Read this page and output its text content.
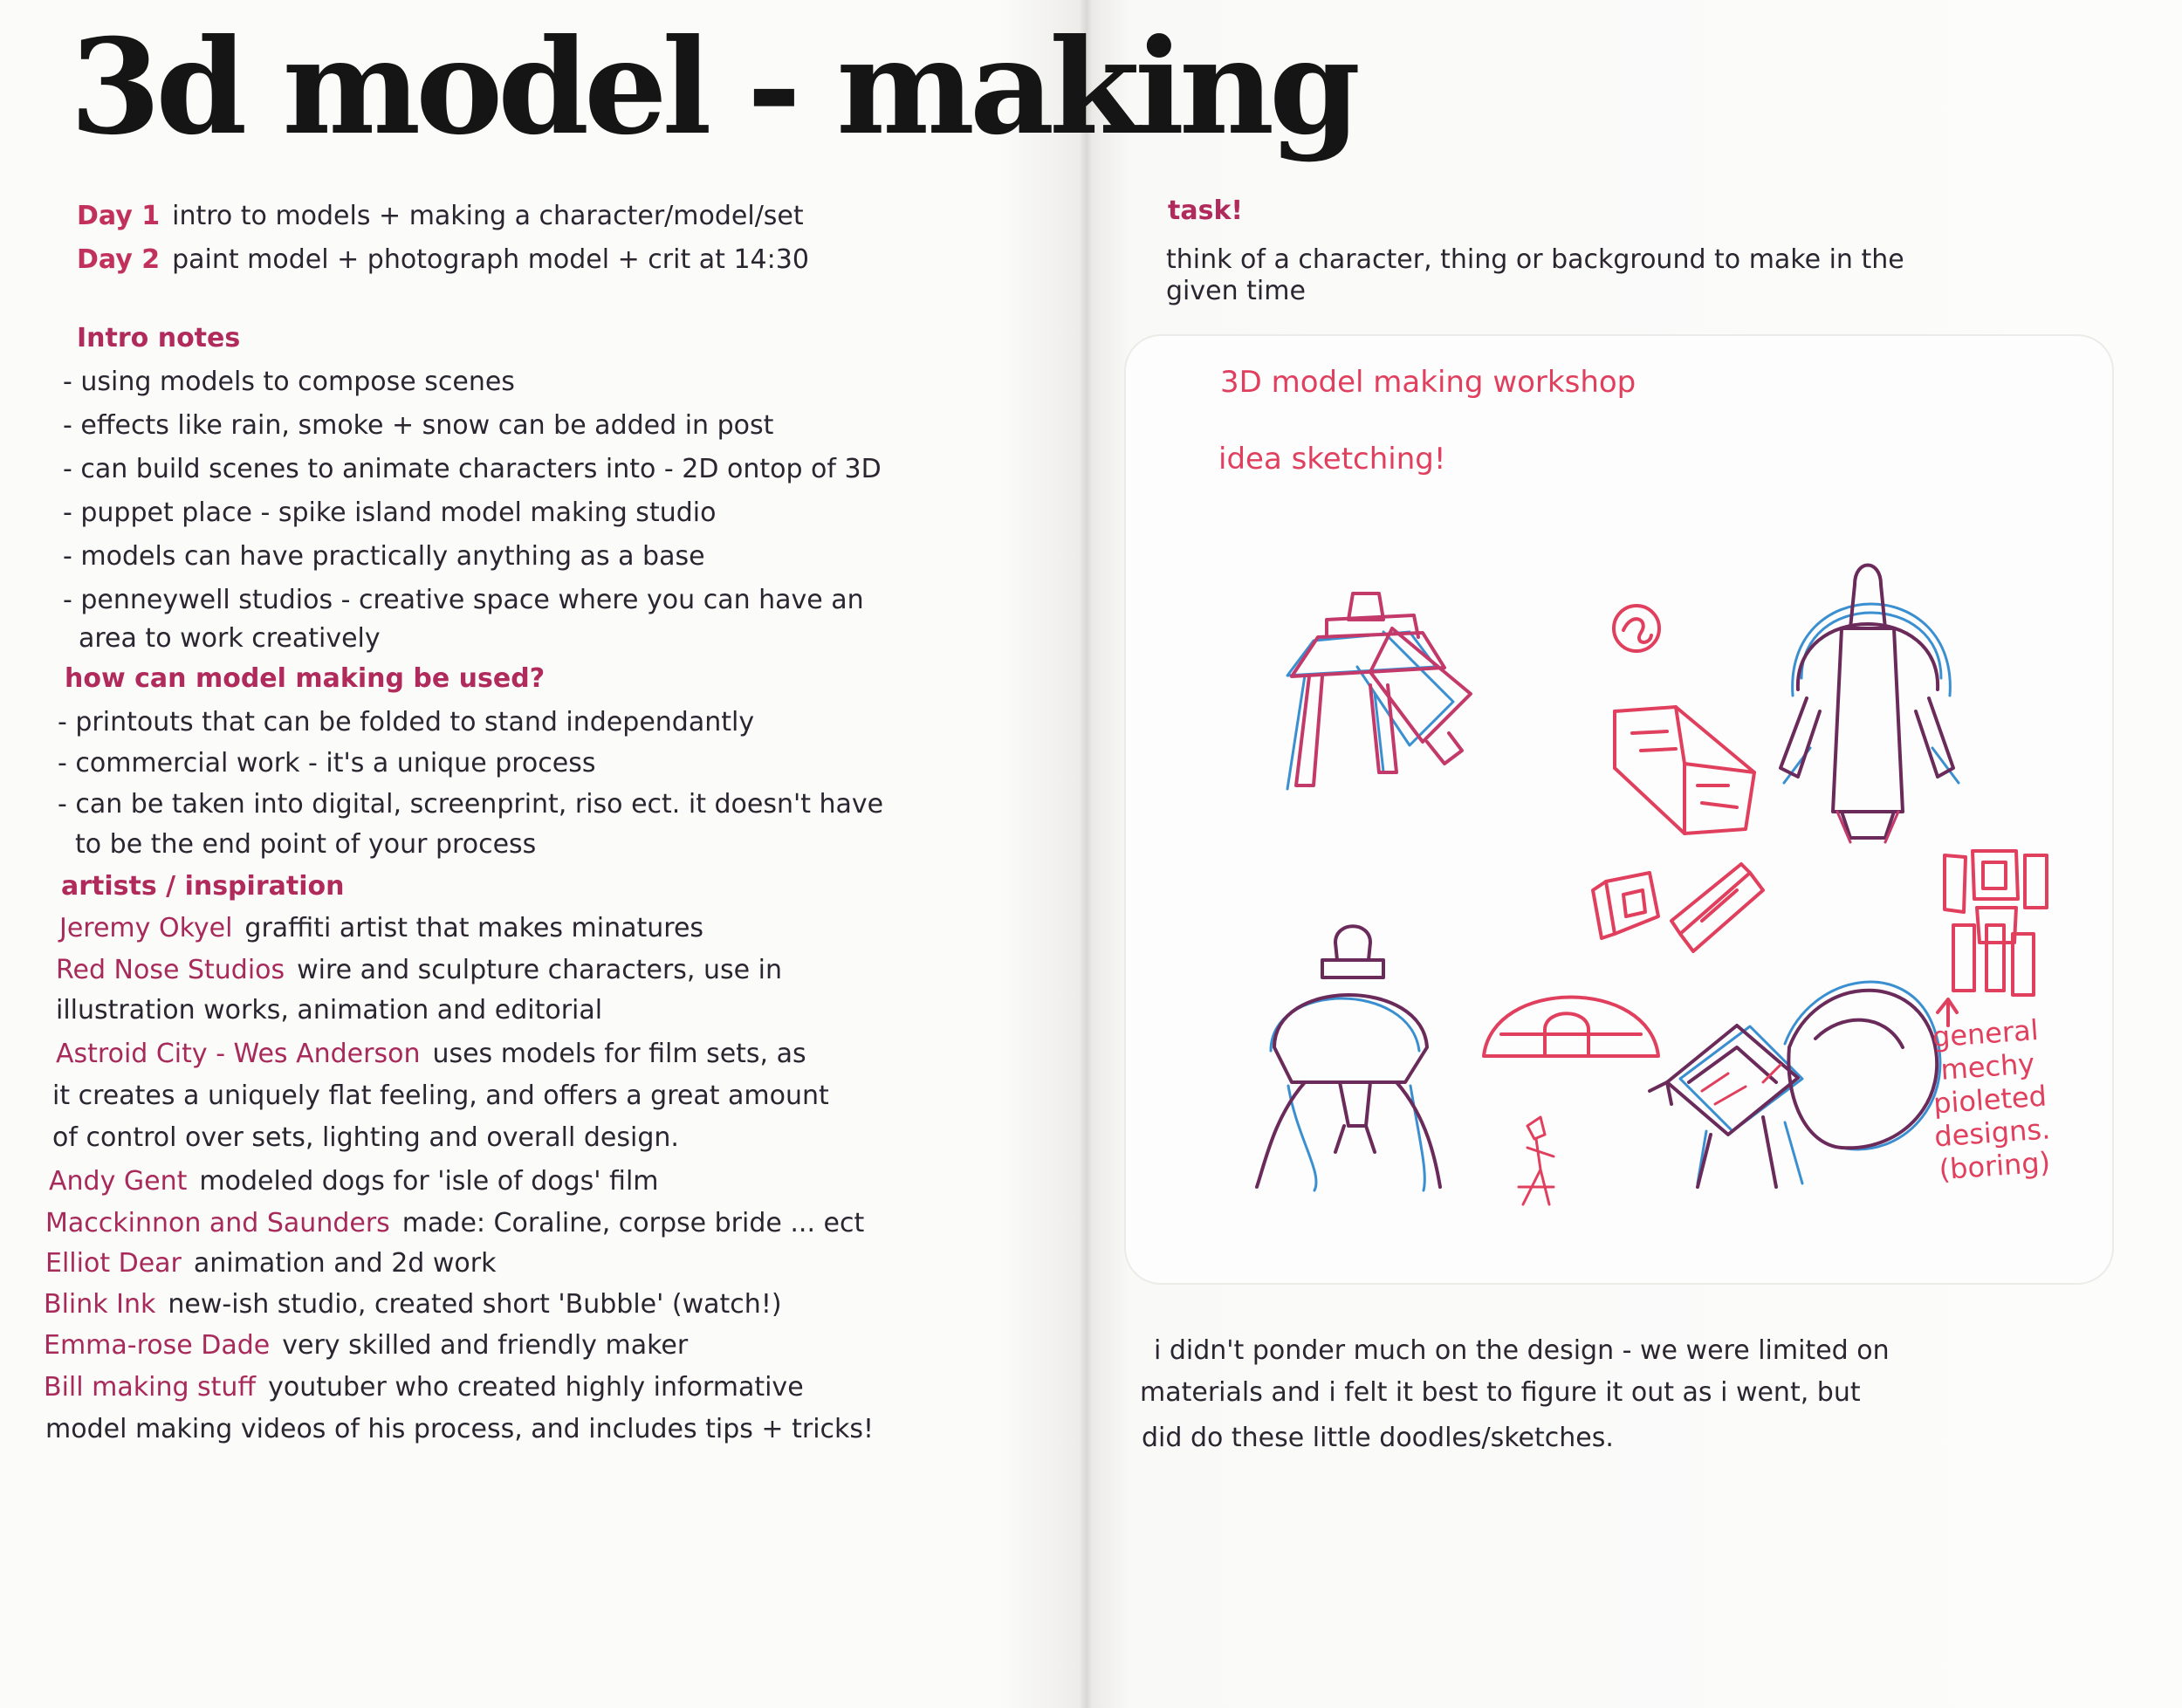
3d model - making
Day 1 intro to models + making a character/model/set
Day 2 paint model + photograph model + crit at 14:30
Intro notes
- using models to compose scenes
- effects like rain, smoke + snow can be added in post
- can build scenes to animate characters into - 2D ontop of 3D
- puppet place - spike island model making studio
- models can have practically anything as a base
- penneywell studios - creative space where you can have an
area to work creatively
how can model making be used?
- printouts that can be folded to stand independantly
- commercial work - it's a unique process
- can be taken into digital, screenprint, riso ect. it doesn't have
to be the end point of your process
artists / inspiration
Jeremy Okyel graffiti artist that makes minatures
Red Nose Studios wire and sculpture characters, use in
illustration works, animation and editorial
Astroid City - Wes Anderson uses models for film sets, as
it creates a uniquely flat feeling, and offers a great amount
of control over sets, lighting and overall design.
Andy Gent modeled dogs for 'isle of dogs' film
Macckinnon and Saunders made: Coraline, corpse bride ... ect
Elliot Dear animation and 2d work
Blink Ink new-ish studio, created short 'Bubble' (watch!)
Emma-rose Dade very skilled and friendly maker
Bill making stuff youtuber who created highly informative
model making videos of his process, and includes tips + tricks!
task!
think of a character, thing or background to make in the
given time
3D model making workshop
idea sketching!
general
mechy
pioleted
designs.
(boring)
i didn't ponder much on the design - we were limited on
materials and i felt it best to figure it out as i went, but
did do these little doodles/sketches.
